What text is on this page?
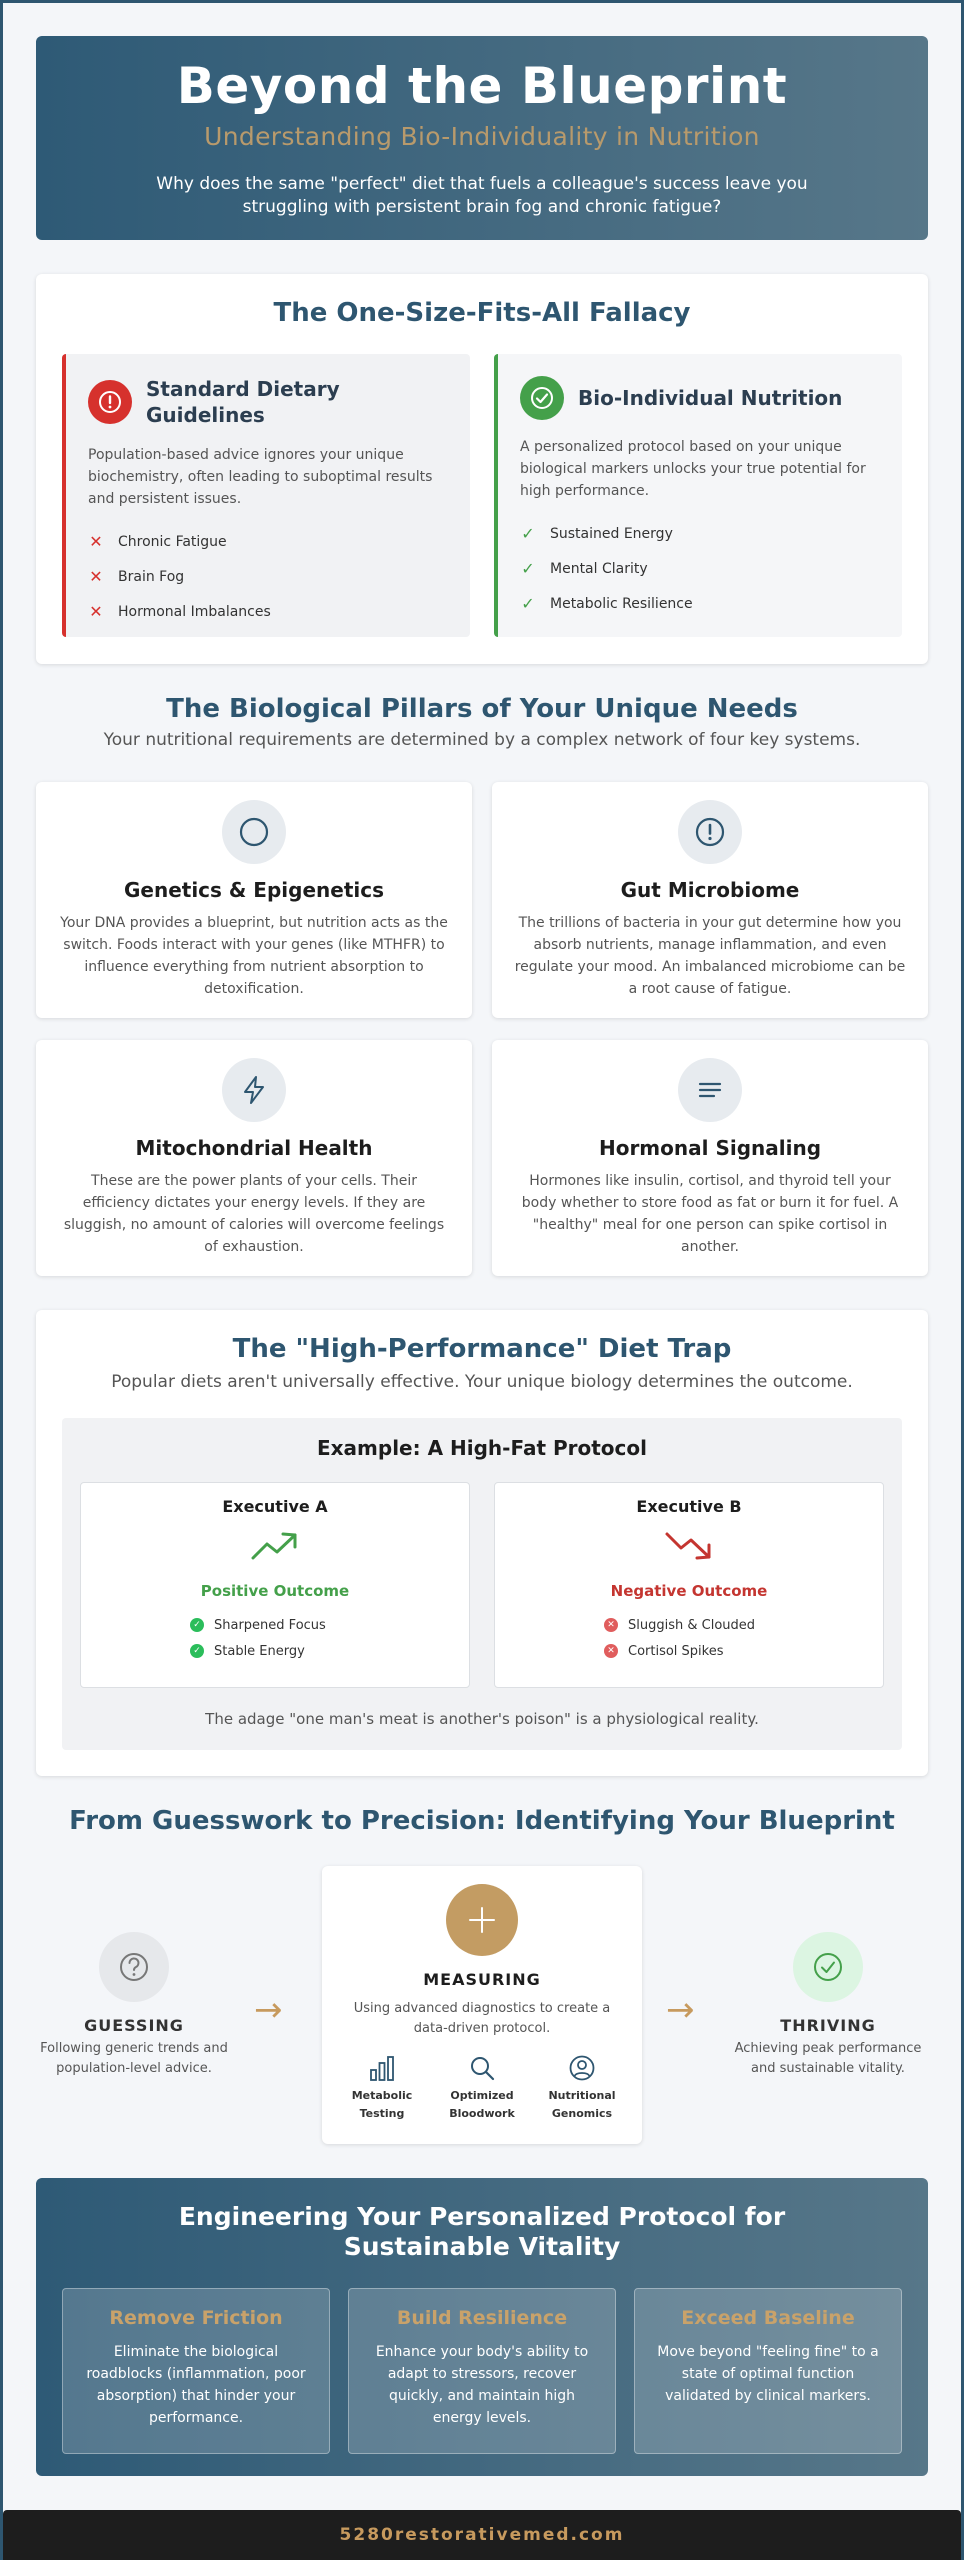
Beyond the Blueprint
Understanding Bio-Individuality in Nutrition
Why does the same "perfect" diet that fuels a colleague's success leave you struggling with persistent brain fog and chronic fatigue?
The One-Size-Fits-All Fallacy
Standard Dietary Guidelines

Population-based advice ignores your unique biochemistry, often leading to suboptimal results and persistent issues.

✕ Chronic Fatigue
✕ Brain Fog
✕ Hormonal Imbalances
Bio-Individual Nutrition

A personalized protocol based on your unique biological markers unlocks your true potential for high performance.

✓ Sustained Energy
✓ Mental Clarity
✓ Metabolic Resilience
The Biological Pillars of Your Unique Needs

Your nutritional requirements are determined by a complex network of four key systems.

Genetics & Epigenetics

Your DNA provides a blueprint, but nutrition acts as the switch. Foods interact with your genes (like MTHFR) to influence everything from nutrient absorption to detoxification.

Gut Microbiome

The trillions of bacteria in your gut determine how you absorb nutrients, manage inflammation, and even regulate your mood. An imbalanced microbiome can be a root cause of fatigue.

Mitochondrial Health

These are the power plants of your cells. Their efficiency dictates your energy levels. If they are sluggish, no amount of calories will overcome feelings of exhaustion.

Hormonal Signaling

Hormones like insulin, cortisol, and thyroid tell your body whether to store food as fat or burn it for fuel. A "healthy" meal for one person can spike cortisol in another.

The "High-Performance" Diet Trap

Popular diets aren't universally effective. Your unique biology determines the outcome.

Example: A High-Fat Protocol
Executive A
Positive Outcome
✓ Sharpened Focus
✓ Stable Energy
Executive B
Negative Outcome
✕ Sluggish & Clouded
✕ Cortisol Spikes

The adage "one man's meat is another's poison" is a physiological reality.

From Guesswork to Precision: Identifying Your Blueprint
GUESSING

Following generic trends and population-level advice.

→
MEASURING

Using advanced diagnostics to create a data-driven protocol.

Metabolic
Testing
Optimized
Bloodwork
Nutritional
Genomics
→	THRIVING

Achieving peak performance and sustainable vitality.

Engineering Your Personalized Protocol for Sustainable Vitality
Remove Friction

Eliminate the biological roadblocks (inflammation, poor absorption) that hinder your performance.

Build Resilience

Enhance your body's ability to adapt to stressors, recover quickly, and maintain high energy levels.

Exceed Baseline

Move beyond "feeling fine" to a state of optimal function validated by clinical markers.

5280restorativemed.com
